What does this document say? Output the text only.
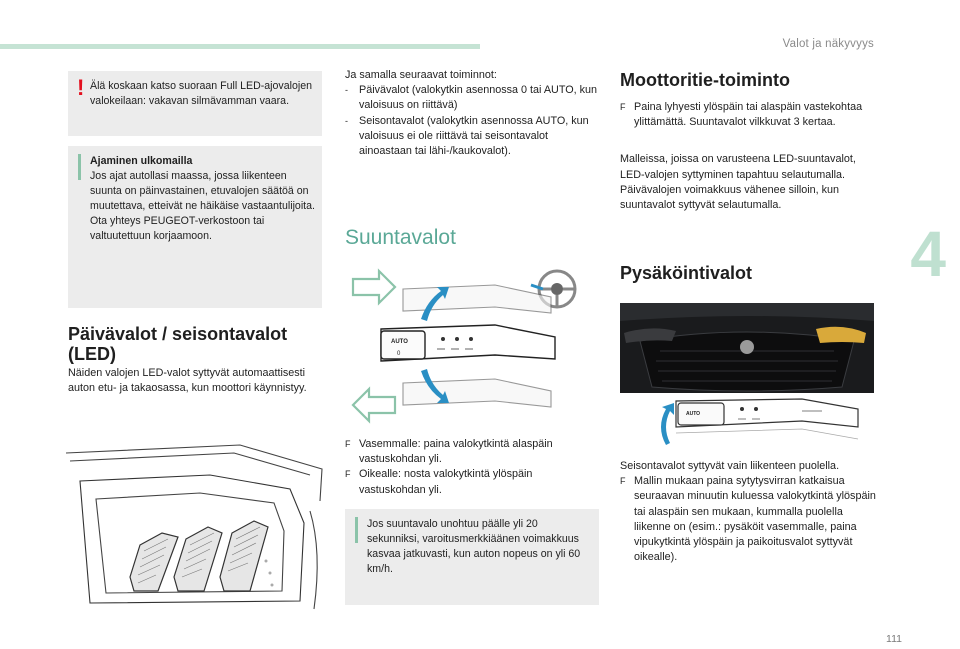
Valot ja näkyvyys
4
111
! Älä koskaan katso suoraan Full LED-ajovalojen valokeilaan: vakavan silmävamman vaara.

Ajaminen ulkomailla

Jos ajat autollasi maassa, jossa liikenteen suunta on päinvastainen, etuvalojen säätöä on muutettava, etteivät ne häikäise vastaantulijoita.

Ota yhteys PEUGEOT-verkostoon tai valtuutettuun korjaamoon.

Päivävalot / seisontavalot (LED)

Näiden valojen LED-valot syttyvät automaattisesti auton etu- ja takaosassa, kun moottori käynnistyy.

Ja samalla seuraavat toiminnot:

- Päivävalot (valokytkin asennossa 0 tai AUTO, kun valoisuus on riittävä)

- Seisontavalot (valokytkin asennossa AUTO, kun valoisuus ei ole riittävä tai seisontavalot ainoastaan tai lähi-/kaukovalot).

Suuntavalot
AUTO
0

F Vasemmalle: paina valokytkintä alaspäin vastuskohdan yli.

F Oikealle: nosta valokytkintä ylöspäin vastuskohdan yli.

Jos suuntavalo unohtuu päälle yli 20 sekunniksi, varoitusmerkkiäänen voimakkuus kasvaa jatkuvasti, kun auton nopeus on yli 60 km/h.

Moottoritie-toiminto

F Paina lyhyesti ylöspäin tai alaspäin vastekohtaa ylittämättä. Suuntavalot vilkkuvat 3 kertaa.

Malleissa, joissa on varusteena LED-suuntavalot, LED-valojen syttyminen tapahtuu selautumalla.

Päivävalojen voimakkuus vähenee silloin, kun suuntavalot syttyvät selautumalla.

Pysäköintivalot
AUTO

Seisontavalot syttyvät vain liikenteen puolella.

F Mallin mukaan paina sytytysvirran katkaisua seuraavan minuutin kuluessa valokytkintä ylöspäin tai alaspäin sen mukaan, kummalla puolella liikenne on (esim.: pysäköit vasemmalle, paina vipukytkintä ylöspäin ja paikoitusvalot syttyvät oikealle).
